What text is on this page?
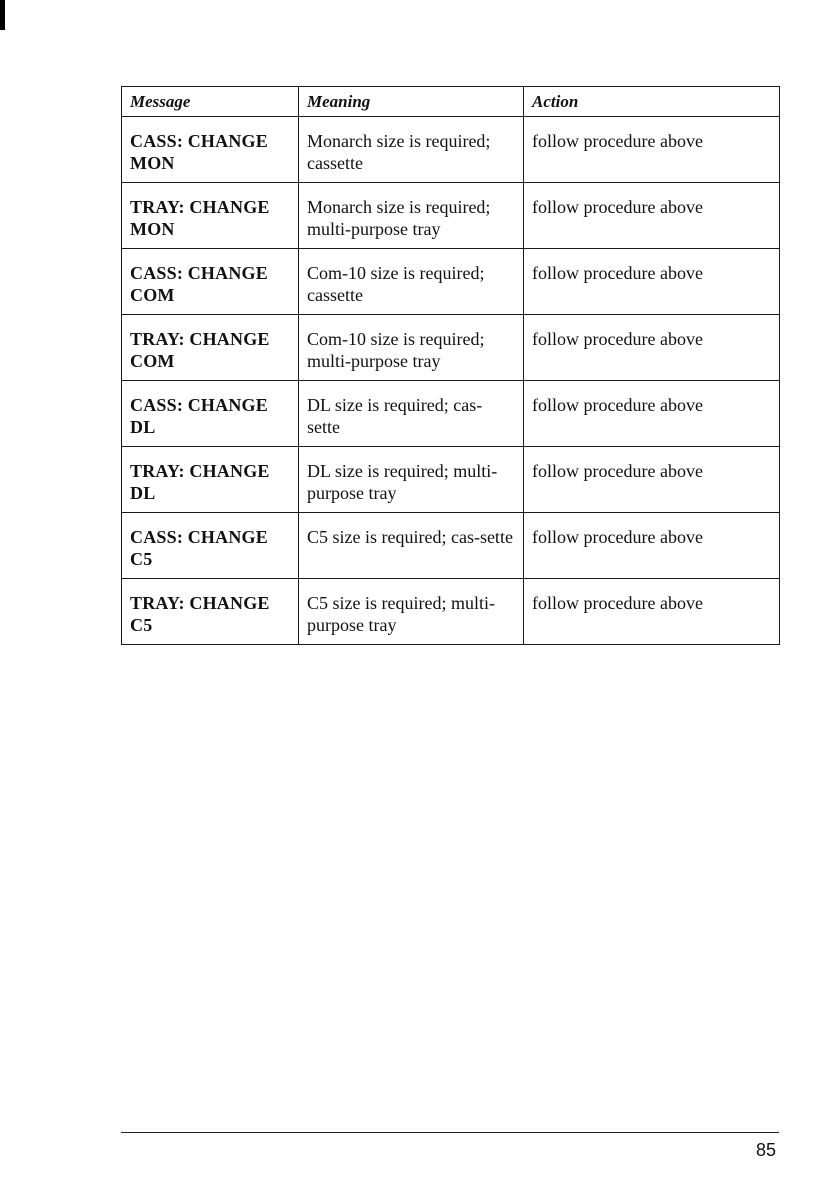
Message	Meaning	Action
CASS: CHANGE MON	Monarch size is required; cassette	follow procedure above
TRAY: CHANGE MON	Monarch size is required; multi-purpose tray	follow procedure above
CASS: CHANGE COM	Com-10 size is required; cassette	follow procedure above
TRAY: CHANGE COM	Com-10 size is required; multi-purpose tray	follow procedure above
CASS: CHANGE DL	DL size is required; cas-sette	follow procedure above
TRAY: CHANGE DL	DL size is required; multi-purpose tray	follow procedure above
CASS: CHANGE C5	C5 size is required; cas-sette	follow procedure above
TRAY: CHANGE C5	C5 size is required; multi-purpose tray	follow procedure above
85
